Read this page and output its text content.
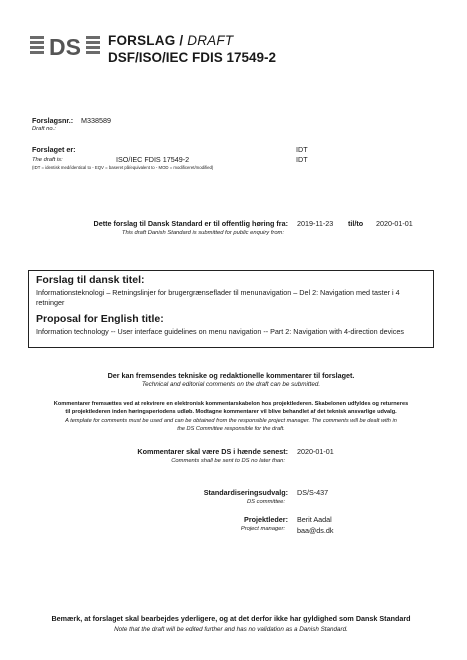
DS FORSLAG / DRAFT
DSF/ISO/IEC FDIS 17549-2
Forslagsnr.: M338589
Draft no.:
Forslaget er:	IDT
The draft is:	ISO/IEC FDIS 17549-2	IDT
(IDT = identisk med/identical to - EQV = baseret på/equivalent to - MOD = modificeret/modified)
Dette forslag til Dansk Standard er til offentlig høring fra:
This draft Danish Standard is submitted for public enquiry from:
2019-11-23 til/to 2020-01-01
Forslag til dansk titel:
Informationsteknologi – Retningslinjer for brugergrænseflader til menunavigation – Del 2: Navigation med taster i 4 retninger
Proposal for English title:
Information technology -- User interface guidelines on menu navigation -- Part 2: Navigation with 4-direction devices
Der kan fremsendes tekniske og redaktionelle kommentarer til forslaget.
Technical and editorial comments on the draft can be submitted.
Kommentarer fremsættes ved at rekvirere en elektronisk kommentarskabelon hos projektlederen. Skabelonen udfyldes og returneres
til projektlederen inden høringsperiodens udløb. Modtagne kommentarer vil blive behandlet af det teknisk ansvarlige udvalg.
A template for comments must be used and can be obtained from the responsible project manager. The comments will be dealt with in
the DS Committee responsible for the draft.
Kommentarer skal være DS i hænde senest:
Comments shall be sent to DS no later than:
2020-01-01
Standardiseringsudvalg:
DS committee:
DS/S-437
Projektleder:
Project manager:
Berit Aadal
baa@ds.dk
Bemærk, at forslaget skal bearbejdes yderligere, og at det derfor ikke har gyldighed som Dansk Standard
Note that the draft will be edited further and has no validation as a Danish Standard.
